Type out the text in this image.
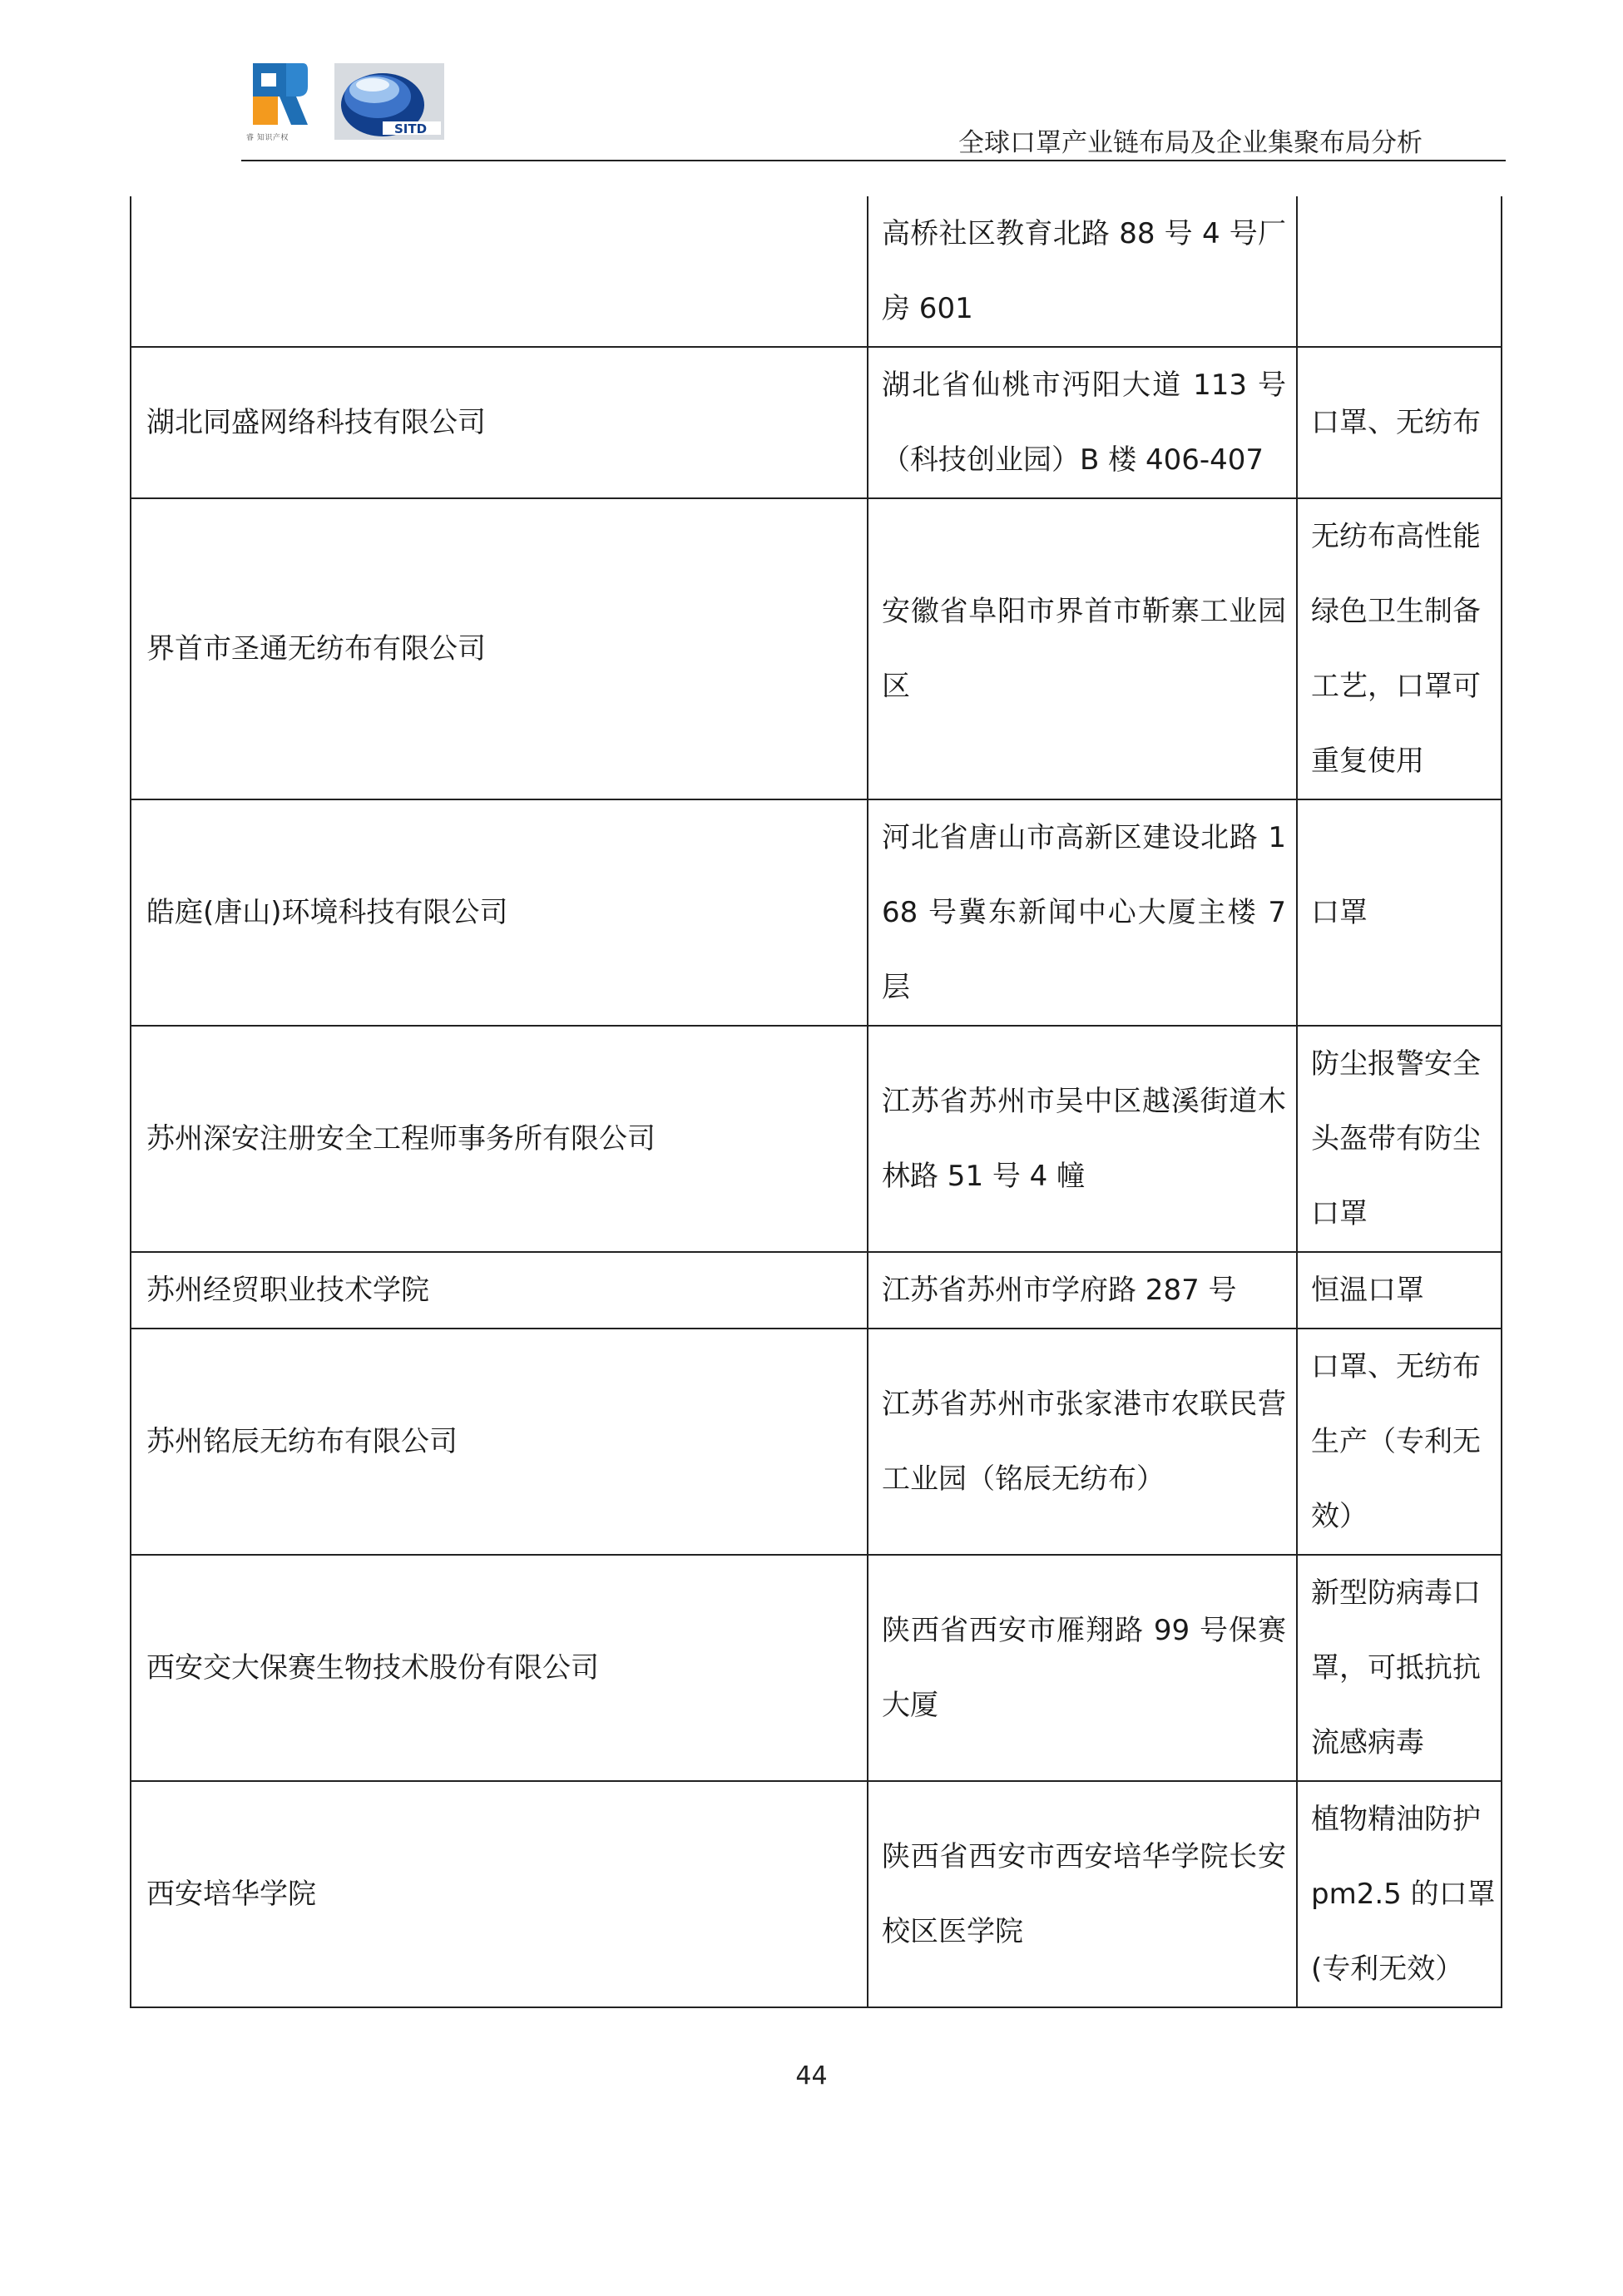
睿 知识产权
SITD	全球口罩产业链布局及企业集聚布局分析
	高桥社区教育北路 88 号 4 号厂房 601	
湖北同盛网络科技有限公司	湖北省仙桃市沔阳大道 113 号（科技创业园）B 楼 406-407	口罩、无纺布
界首市圣通无纺布有限公司	安徽省阜阳市界首市靳寨工业园区	无纺布高性能绿色卫生制备工艺，口罩可重复使用
皓庭(唐山)环境科技有限公司	河北省唐山市高新区建设北路 168 号冀东新闻中心大厦主楼 7 层	口罩
苏州深安注册安全工程师事务所有限公司	江苏省苏州市吴中区越溪街道木林路 51 号 4 幢	防尘报警安全头盔带有防尘口罩
苏州经贸职业技术学院	江苏省苏州市学府路 287 号	恒温口罩
苏州铭辰无纺布有限公司	江苏省苏州市张家港市农联民营工业园（铭辰无纺布）	口罩、无纺布生产（专利无效）
西安交大保赛生物技术股份有限公司	陕西省西安市雁翔路 99 号保赛大厦	新型防病毒口罩，可抵抗抗流感病毒
西安培华学院	陕西省西安市西安培华学院长安校区医学院	植物精油防护 pm2.5 的口罩(专利无效）
44
